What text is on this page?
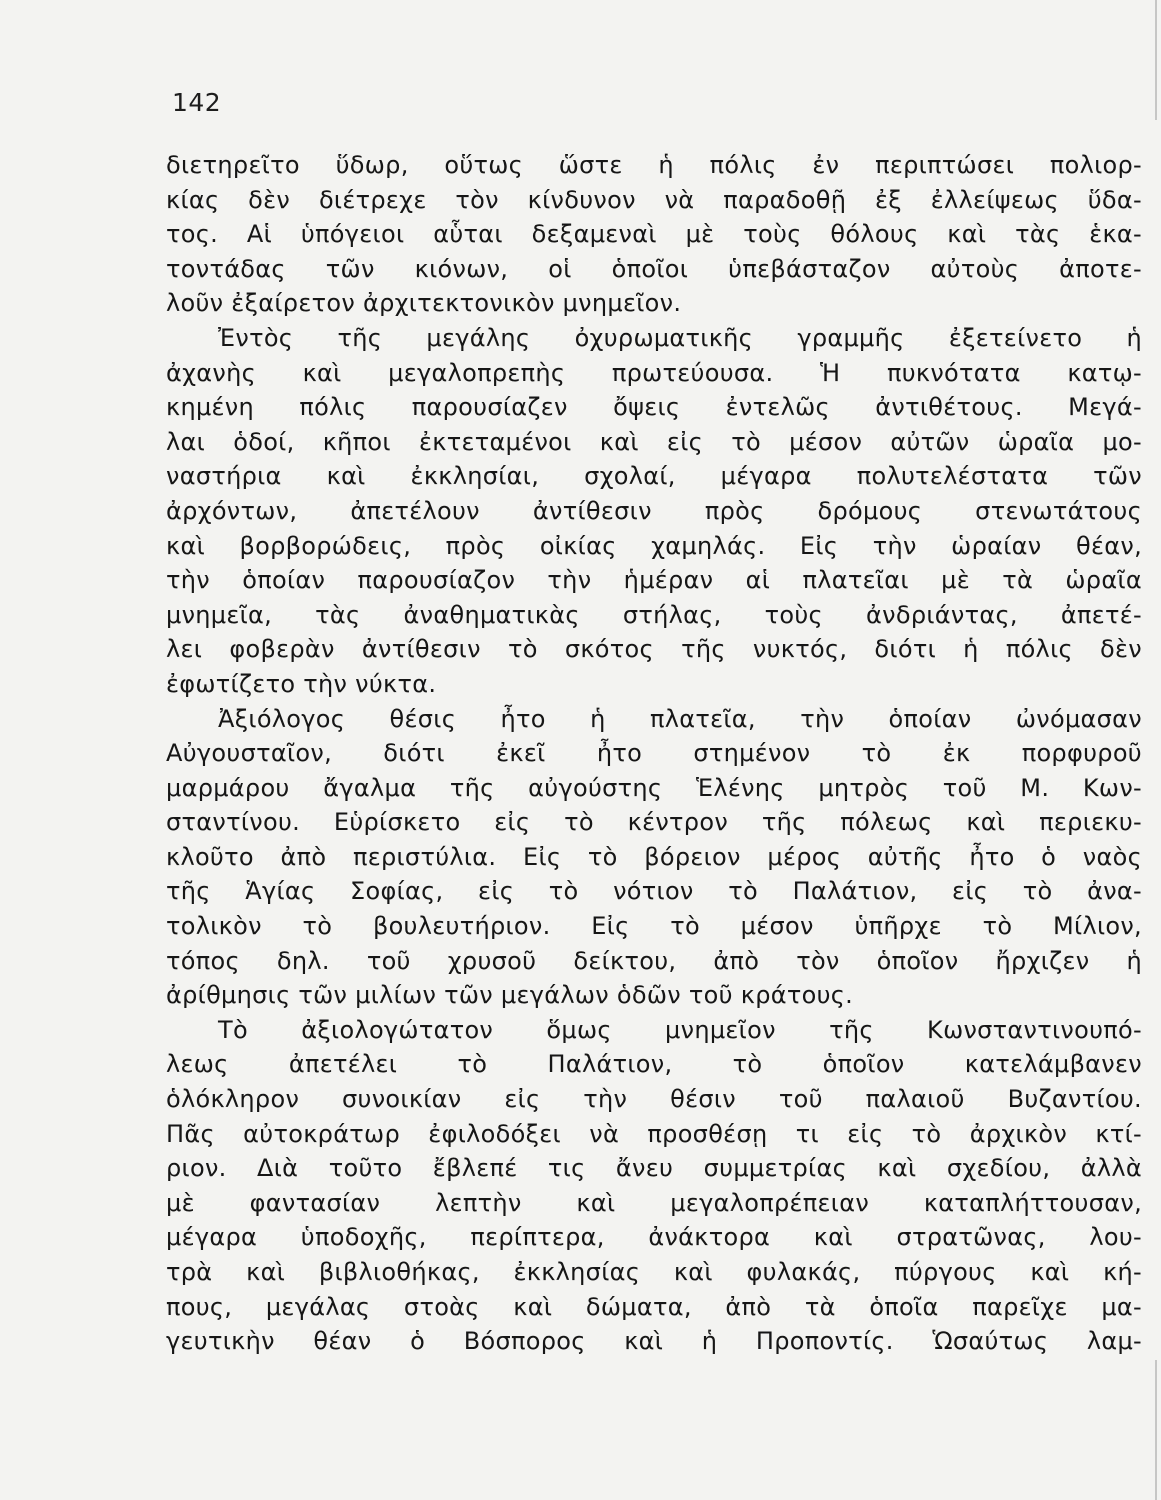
142
διετηρεῖτο ὕδωρ, οὕτως ὥστε ἡ πόλις ἐν περιπτώσει πολιορ-
κίας δὲν διέτρεχε τὸν κίνδυνον νὰ παραδοθῇ ἐξ ἐλλείψεως ὕδα-
τος. Αἱ ὑπόγειοι αὗται δεξαμεναὶ μὲ τοὺς θόλους καὶ τὰς ἑκα-
τοντάδας τῶν κιόνων, οἱ ὁποῖοι ὑπεβάσταζον αὐτοὺς ἀποτε-
λοῦν ἐξαίρετον ἀρχιτεκτονικὸν μνημεῖον.
Ἐντὸς τῆς μεγάλης ὀχυρωματικῆς γραμμῆς ἐξετείνετο ἡ
ἀχανὴς καὶ μεγαλοπρεπὴς πρωτεύουσα. Ἡ πυκνότατα κατῳ-
κημένη πόλις παρουσίαζεν ὄψεις ἐντελῶς ἀντιθέτους. Μεγά-
λαι ὁδοί, κῆποι ἐκτεταμένοι καὶ εἰς τὸ μέσον αὐτῶν ὡραῖα μο-
ναστήρια καὶ ἐκκλησίαι, σχολαί, μέγαρα πολυτελέστατα τῶν
ἀρχόντων, ἀπετέλουν ἀντίθεσιν πρὸς δρόμους στενωτάτους
καὶ βορβορώδεις, πρὸς οἰκίας χαμηλάς. Εἰς τὴν ὡραίαν θέαν,
τὴν ὁποίαν παρουσίαζον τὴν ἡμέραν αἱ πλατεῖαι μὲ τὰ ὡραῖα
μνημεῖα, τὰς ἀναθηματικὰς στήλας, τοὺς ἀνδριάντας, ἀπετέ-
λει φοβερὰν ἀντίθεσιν τὸ σκότος τῆς νυκτός, διότι ἡ πόλις δὲν
ἐφωτίζετο τὴν νύκτα.
Ἀξιόλογος θέσις ἦτο ἡ πλατεῖα, τὴν ὁποίαν ὠνόμασαν
Αὐγουσταῖον, διότι ἐκεῖ ἦτο στημένον τὸ ἐκ πορφυροῦ
μαρμάρου ἄγαλμα τῆς αὐγούστης Ἑλένης μητρὸς τοῦ Μ. Κων-
σταντίνου. Εὑρίσκετο εἰς τὸ κέντρον τῆς πόλεως καὶ περιεκυ-
κλοῦτο ἀπὸ περιστύλια. Εἰς τὸ βόρειον μέρος αὐτῆς ἦτο ὁ ναὸς
τῆς Ἁγίας Σοφίας, εἰς τὸ νότιον τὸ Παλάτιον, εἰς τὸ ἀνα-
τολικὸν τὸ βουλευτήριον. Εἰς τὸ μέσον ὑπῆρχε τὸ Μίλιον,
τόπος δηλ. τοῦ χρυσοῦ δείκτου, ἀπὸ τὸν ὁποῖον ἤρχιζεν ἡ
ἀρίθμησις τῶν μιλίων τῶν μεγάλων ὁδῶν τοῦ κράτους.
Τὸ ἀξιολογώτατον ὅμως μνημεῖον τῆς Κωνσταντινουπό-
λεως ἀπετέλει τὸ Παλάτιον, τὸ ὁποῖον κατελάμβανεν
ὁλόκληρον συνοικίαν εἰς τὴν θέσιν τοῦ παλαιοῦ Βυζαντίου.
Πᾶς αὐτοκράτωρ ἐφιλοδόξει νὰ προσθέσῃ τι εἰς τὸ ἀρχικὸν κτί-
ριον. Διὰ τοῦτο ἔβλεπέ τις ἄνευ συμμετρίας καὶ σχεδίου, ἀλλὰ
μὲ φαντασίαν λεπτὴν καὶ μεγαλοπρέπειαν καταπλήττουσαν,
μέγαρα ὑποδοχῆς, περίπτερα, ἀνάκτορα καὶ στρατῶνας, λου-
τρὰ καὶ βιβλιοθήκας, ἐκκλησίας καὶ φυλακάς, πύργους καὶ κή-
πους, μεγάλας στοὰς καὶ δώματα, ἀπὸ τὰ ὁποῖα παρεῖχε μα-
γευτικὴν θέαν ὁ Βόσπορος καὶ ἡ Προποντίς. Ὡσαύτως λαμ-
